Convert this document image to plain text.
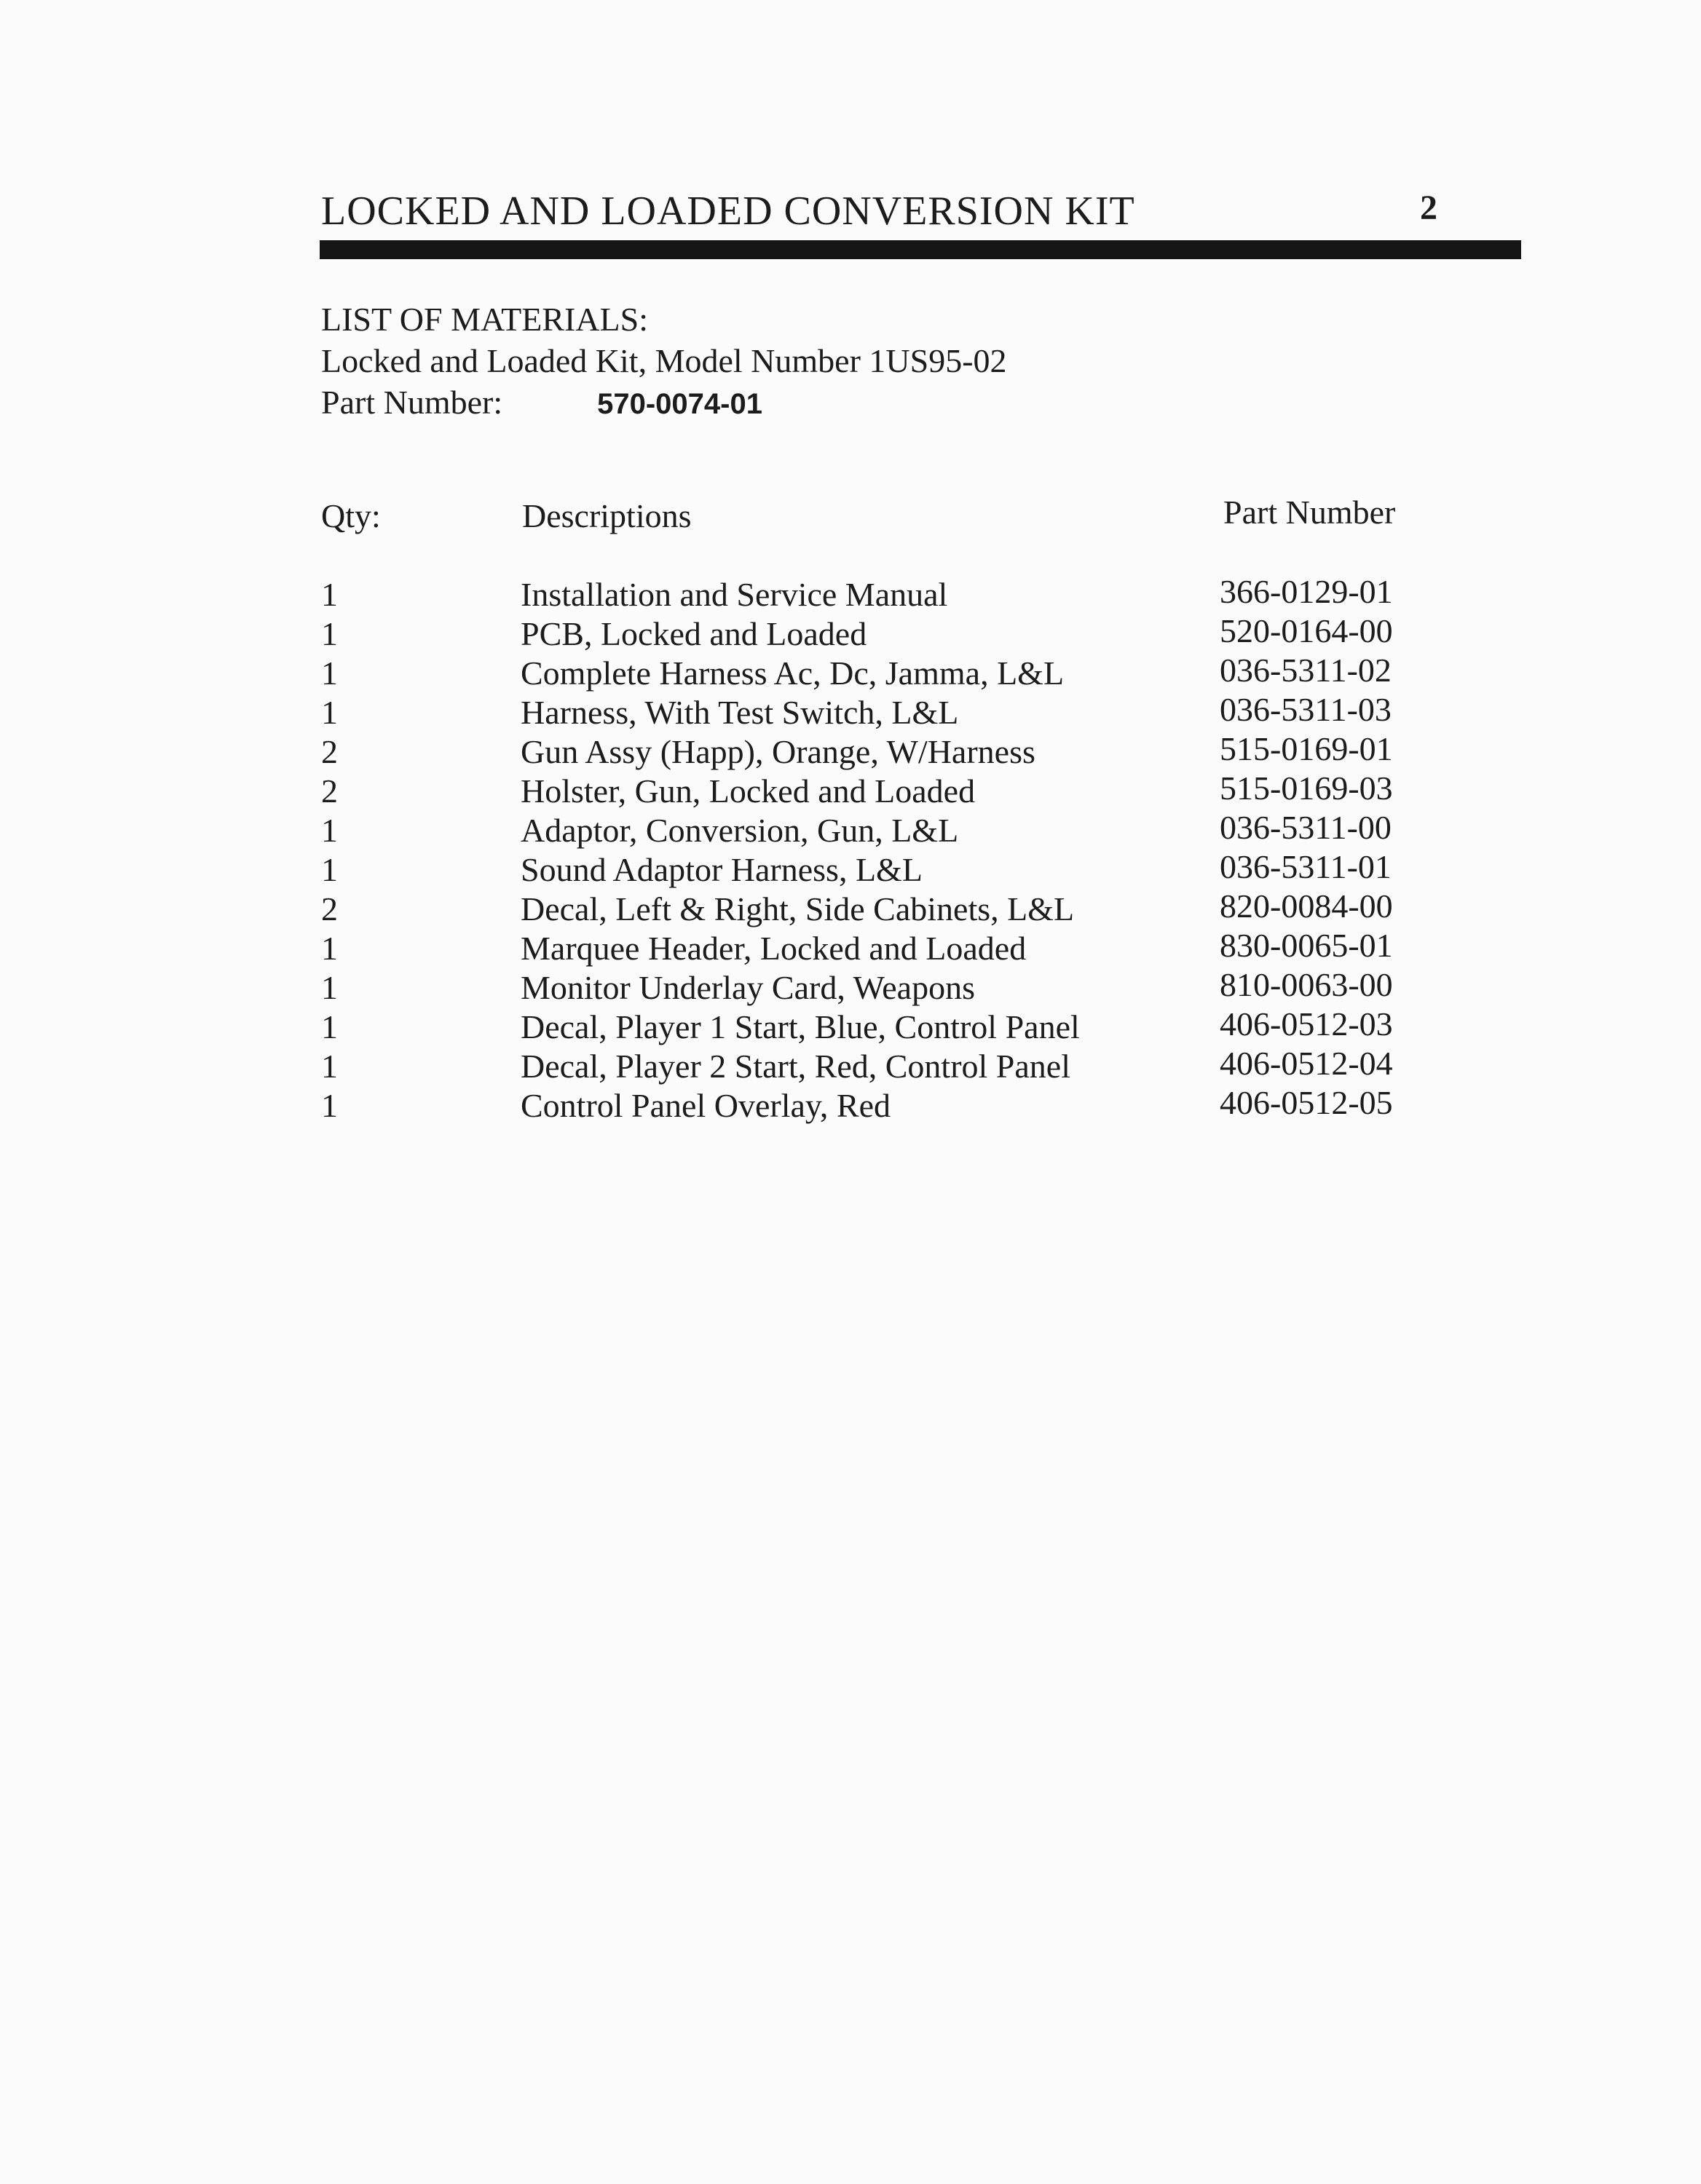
LOCKED AND LOADED CONVERSION KIT	2
LIST OF MATERIALS:
Locked and Loaded Kit, Model Number 1US95-02
Part Number:	570-0074-01
Qty:	Descriptions	Part Number
1	Installation and Service Manual	366-0129-01
1	PCB, Locked and Loaded	520-0164-00
1	Complete Harness Ac, Dc, Jamma, L&L	036-5311-02
1	Harness, With Test Switch, L&L	036-5311-03
2	Gun Assy (Happ), Orange, W/Harness	515-0169-01
2	Holster, Gun, Locked and Loaded	515-0169-03
1	Adaptor, Conversion, Gun, L&L	036-5311-00
1	Sound Adaptor Harness, L&L	036-5311-01
2	Decal, Left & Right, Side Cabinets, L&L	820-0084-00
1	Marquee Header, Locked and Loaded	830-0065-01
1	Monitor Underlay Card, Weapons	810-0063-00
1	Decal, Player 1 Start, Blue, Control Panel	406-0512-03
1	Decal, Player 2 Start, Red, Control Panel	406-0512-04
1	Control Panel Overlay, Red	406-0512-05
